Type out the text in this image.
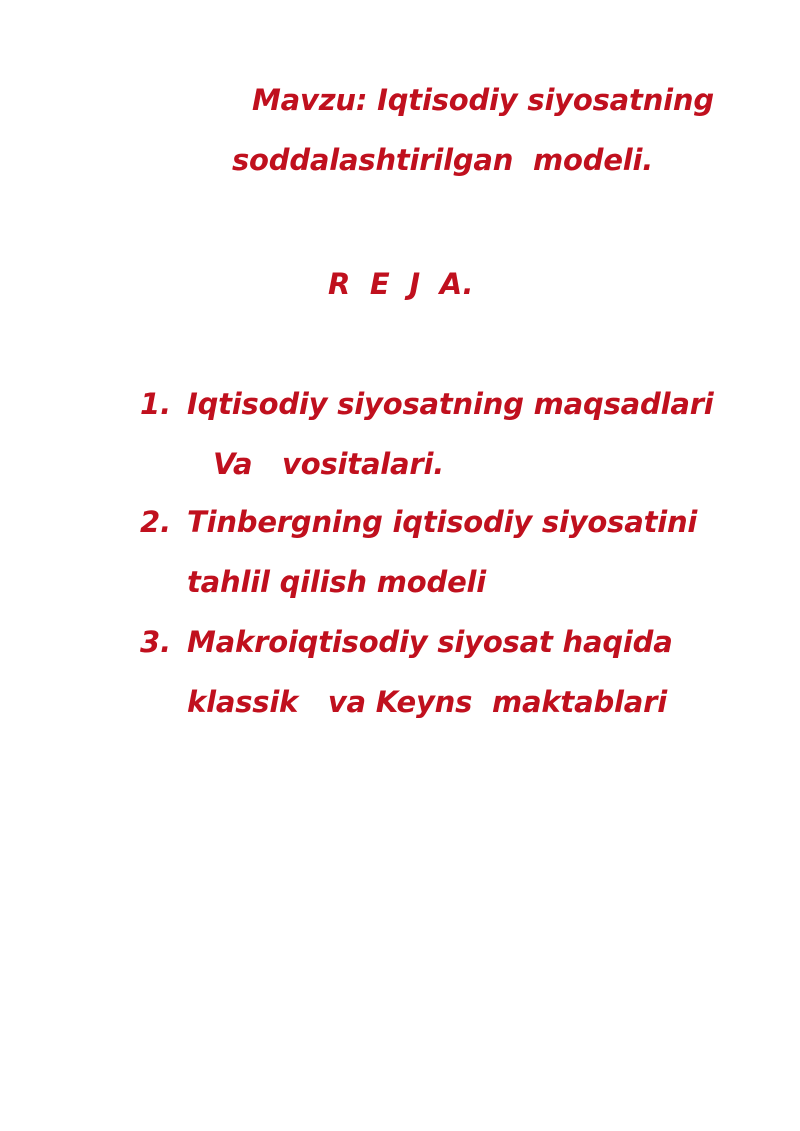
Mavzu: Iqtisodiy siyosatning
soddalashtirilgan  modeli.
R  E  J  A.
1. Iqtisodiy siyosatning maqsadlari
Va   vositalari.
2. Tinbergning iqtisodiy siyosatini
tahlil qilish modeli
3. Makroiqtisodiy siyosat haqida
klassik   va Keyns  maktablari
